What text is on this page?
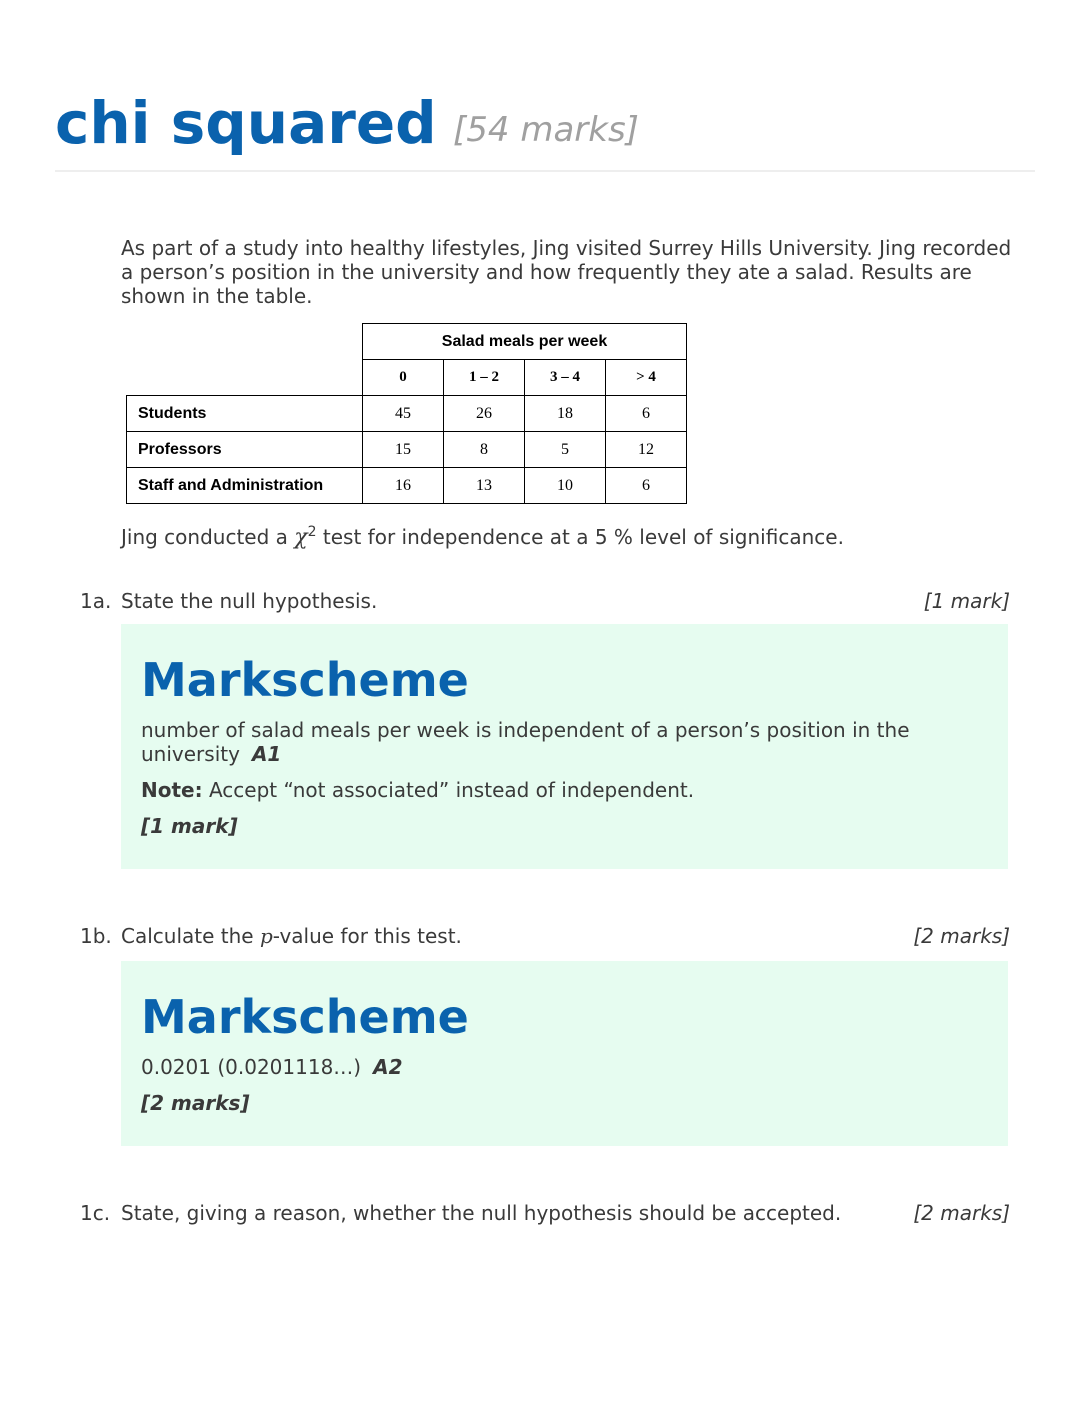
chi squared [54 marks]
As part of a study into healthy lifestyles, Jing visited Surrey Hills University. Jing recorded a person’s position in the university and how frequently they ate a salad. Results are shown in the table.
	Salad meals per week			
	0	1 – 2	3 – 4	> 4
Students	45	26	18	6
Professors	15	8	5	12
Staff and Administration	16	13	10	6
Jing conducted a $\chi^2$ test for independence at a 5 % level of significance.
1a. State the null hypothesis.	[1 mark]
Markscheme
number of salad meals per week is independent of a person’s position in the university A1
Note: Accept “not associated” instead of independent.
[1 mark]
1b. Calculate the p-value for this test.	[2 marks]
Markscheme
0.0201 (0.0201118…) A2
[2 marks]
1c. State, giving a reason, whether the null hypothesis should be accepted.	[2 marks]
